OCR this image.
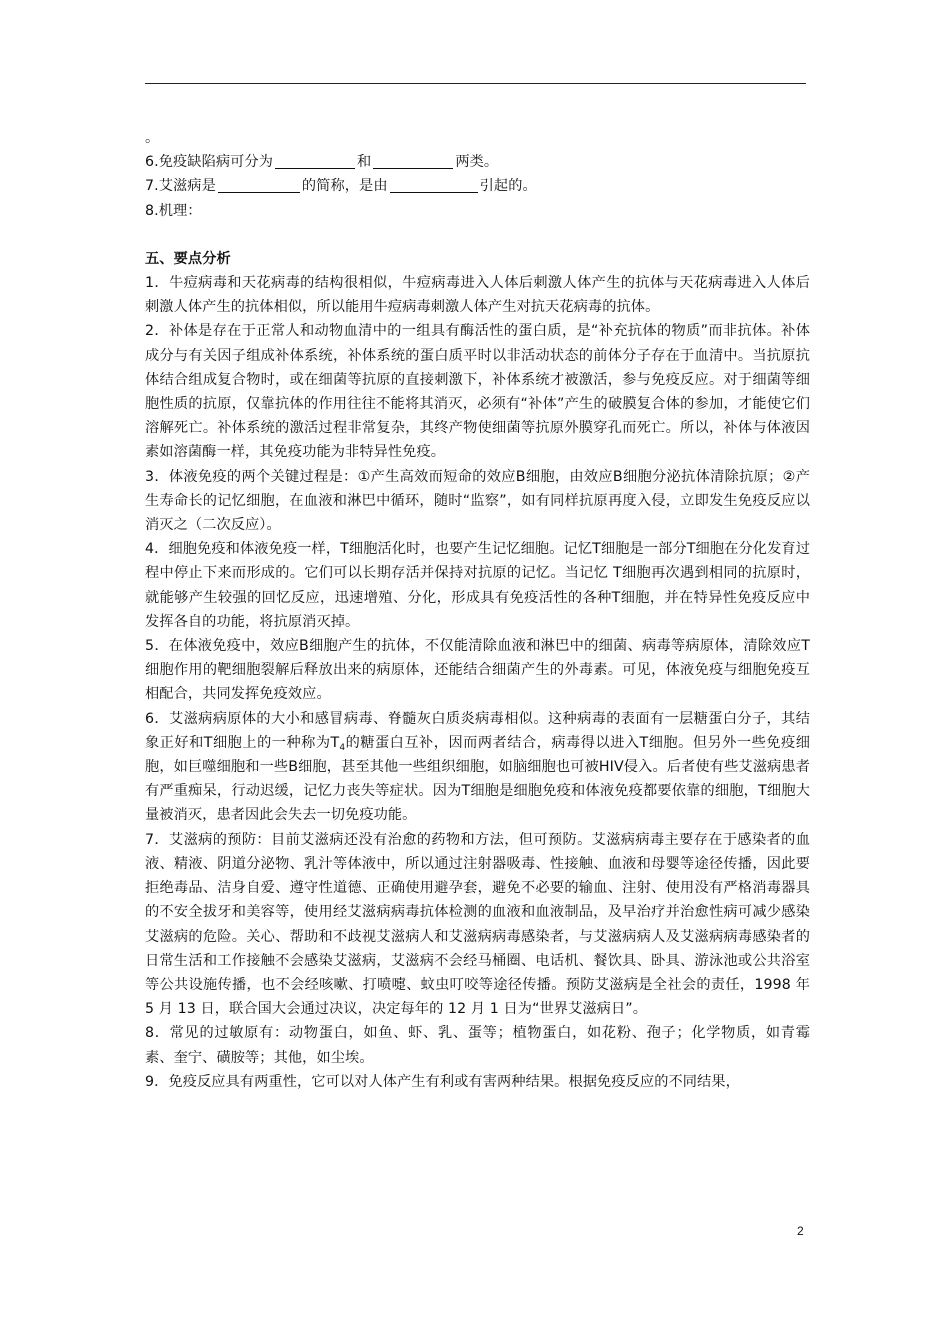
。

6.免疫缺陷病可分为	和	两类。

7.艾滋病是	的简称，是由	引起的。

8.机理：

五、要点分析

1．牛痘病毒和天花病毒的结构很相似，牛痘病毒进入人体后刺激人体产生的抗体与天花病毒进入人体后刺激人体产生的抗体相似，所以能用牛痘病毒刺激人体产生对抗天花病毒的抗体。

2．补体是存在于正常人和动物血清中的一组具有酶活性的蛋白质，是“补充抗体的物质”而非抗体。补体成分与有关因子组成补体系统，补体系统的蛋白质平时以非活动状态的前体分子存在于血清中。当抗原抗体结合组成复合物时，或在细菌等抗原的直接刺激下，补体系统才被激活，参与免疫反应。对于细菌等细胞性质的抗原，仅靠抗体的作用往往不能将其消灭，必须有“补体”产生的破膜复合体的参加，才能使它们溶解死亡。补体系统的激活过程非常复杂，其终产物使细菌等抗原外膜穿孔而死亡。所以，补体与体液因素如溶菌酶一样，其免疫功能为非特异性免疫。

3．体液免疫的两个关键过程是：①产生高效而短命的效应B细胞，由效应B细胞分泌抗体清除抗原；②产生寿命长的记忆细胞，在血液和淋巴中循环，随时“监察”，如有同样抗原再度入侵，立即发生免疫反应以消灭之（二次反应）。

4．细胞免疫和体液免疫一样，T细胞活化时，也要产生记忆细胞。记忆T细胞是一部分T细胞在分化发育过程中停止下来而形成的。它们可以长期存活并保持对抗原的记忆。当记忆 T细胞再次遇到相同的抗原时，就能够产生较强的回忆反应，迅速增殖、分化，形成具有免疫活性的各种T细胞，并在特异性免疫反应中发挥各自的功能，将抗原消灭掉。

5．在体液免疫中，效应B细胞产生的抗体，不仅能清除血液和淋巴中的细菌、病毒等病原体，清除效应T细胞作用的靶细胞裂解后释放出来的病原体，还能结合细菌产生的外毒素。可见，体液免疫与细胞免疫互相配合，共同发挥免疫效应。

6．艾滋病病原体的大小和感冒病毒、脊髓灰白质炎病毒相似。这种病毒的表面有一层糖蛋白分子，其结象正好和T细胞上的一种称为$T_4$的糖蛋白互补，因而两者结合，病毒得以进入T细胞。但另外一些免疫细胞，如巨噬细胞和一些B细胞，甚至其他一些组织细胞，如脑细胞也可被HIV侵入。后者使有些艾滋病患者有严重痴呆，行动迟缓，记忆力丧失等症状。因为T细胞是细胞免疫和体液免疫都要依靠的细胞，T细胞大量被消灭，患者因此会失去一切免疫功能。

7．艾滋病的预防：目前艾滋病还没有治愈的药物和方法，但可预防。艾滋病病毒主要存在于感染者的血液、精液、阴道分泌物、乳汁等体液中，所以通过注射器吸毒、性接触、血液和母婴等途径传播，因此要拒绝毒品、洁身自爱、遵守性道德、正确使用避孕套，避免不必要的输血、注射、使用没有严格消毒器具的不安全拔牙和美容等，使用经艾滋病病毒抗体检测的血液和血液制品，及早治疗并治愈性病可减少感染艾滋病的危险。关心、帮助和不歧视艾滋病人和艾滋病病毒感染者，与艾滋病病人及艾滋病病毒感染者的日常生活和工作接触不会感染艾滋病，艾滋病不会经马桶圈、电话机、餐饮具、卧具、游泳池或公共浴室等公共设施传播，也不会经咳嗽、打喷嚏、蚊虫叮咬等途径传播。预防艾滋病是全社会的责任，1998 年 5 月 13 日，联合国大会通过决议，决定每年的 12 月 1 日为“世界艾滋病日”。

8．常见的过敏原有：动物蛋白，如鱼、虾、乳、蛋等；植物蛋白，如花粉、孢子；化学物质，如青霉素、奎宁、磺胺等；其他，如尘埃。

9．免疫反应具有两重性，它可以对人体产生有利或有害两种结果。根据免疫反应的不同结果，

2
